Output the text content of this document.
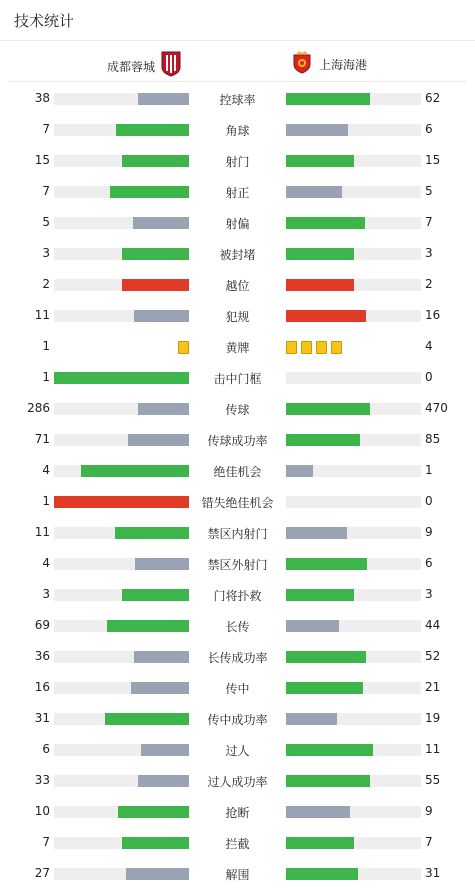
技术统计
成都蓉城	上海海港
38	控球率	62
7	角球	6
15	射门	15
7	射正	5
5	射偏	7
3	被封堵	3
2	越位	2
11	犯规	16
1	黄牌	4
1	击中门框	0
286	传球	470
71	传球成功率	85
4	绝佳机会	1
1	错失绝佳机会	0
11	禁区内射门	9
4	禁区外射门	6
3	门将扑救	3
69	长传	44
36	长传成功率	52
16	传中	21
31	传中成功率	19
6	过人	11
33	过人成功率	55
10	抢断	9
7	拦截	7
27	解围	31
